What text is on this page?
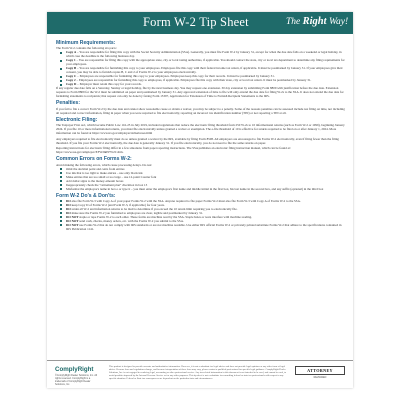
Form W-2 Tip Sheet	The Right Way!
Minimum Requirements:
The Form W-2 contains the following six parts:
Copy A – You are responsible for filing this copy with the Social Security Administration (SSA). Generally, you must file Form W-2 by January 31, except for when the due date falls on a weekend or legal holiday, in which case the deadline is the following business day.
Copy 1 – You are responsible for filing this copy with the appropriate state, city or local taxing authorities, if applicable. You should contact the state, city or local tax department to determine any filing requirements for your employees.
Copy B – You are responsible for furnishing this copy to your employees. Employees file this copy with their federal income tax return, if applicable. It must be postmarked by January 31. If your employees give their consent, you may be able to furnish copies B, C and 2 of Forms W-2 to your employees electronically.
Copy C – Employees are responsible for furnishing this copy to your employees. Employees keep this copy for their records. It must be postmarked by January 31.
Copy 2 – Employees are responsible for furnishing this copy to employees, if applicable. Employees file this copy with their state, city or local tax return. It must be postmarked by January 31.
Copy D – Employer must retain this copy for your records.
If any regular due date falls on a Saturday, Sunday or legal holiday, file by the next business day. You may request one extension. 30 day extension by submitting Form 8809 with justification before the due date. Extension requests to Form 8809 for the W-2 must be submitted on paper and postmarked by January 31. Any approved extension of time to file will only extend the due date for filing W-2s to the SSA. It does not extend the due date for furnishing statements to recipients; that request can only be done by faxing Form 15397, Application for Extension of Time to Furnish Recipient Statements to the IRS.
Penalties:
If you fail to file a correct Form W-2 by the due date and cannot show reasonable cause or obtain a waiver, you may be subject to a penalty. Some of the reasons penalties can be assessed include not filing on time, not including all required and correct information, filing in paper when you were required to file electronically, reporting an incorrect tax identification number (TIN) or not reporting a TIN at all.
Electronic Filing:
The Taxpayer First Act, which became Public Law 116-25 in July 2019, included regulations that reduce the electronic filing threshold from 250 W-2s to 10 informational returns (such as Form W-2 or 1099), beginning January 2024. If you file 10 or more informational returns, you must file electronically unless granted a waiver or exemption. The e-file threshold of 10 is effective for returns required to be filed on or after January 1, 2024. More information can be found at https://www.irs.gov/employer/strikeboxes.html
Any employers required to file electronically must do so unless granted a waiver by the IRS, available by filing Form 8508. All employers are encouraged to file Forms W-2 electronically, even if filing fewer than the filing threshold. If you file your Forms W-2 electronically, the due date is generally January 31. If you file electronically, you do not need to file the same returns on paper.
Reporting instructions for electronic filing differ in a few situations from paper reporting instructions. The SSA publishes an electronic filing instruction manual, which can be found at: https://www.ssa.gov/employer/EFW2&EFW2C.htm.
Common Errors on Forms W-2:
Avoid making the following errors, which cause processing delays. Do not:
Omit the decimal point and cents from entries
Use ink that is too light to make entries – use only black ink
Make entries that are too small or too large – use 12-point Courier font
Add dollar signs to the money-amount boxes
Inappropriately check the "retirement plan" checkbox in box 13
Misformat the employee's name in box e or type it – you must enter the employee's first name and middle initial in the first box, his last name in the second box, and any suffix (optional) in the third box
Form W-2 Do's & Don'ts:
DO also file Form W-3 with Copy A of your paper Forms W-2 with the SSA. Anyone required to file paper Forms W-2 must also file Form W-3 with Copy A of Forms W-2 to the SSA.
DO keep Copy D of Forms W-2 (and Form W-3, if applicable) for four years.
DO retain all W-2 and information returns to be mail to determine if you exceed the 10 return limit requiring you to electronically file.
DO make sure the Forms W-2 you furnished to employees are clear, legible and postmarked by January 31.
DO NOT staple or tape Forms W-2 to each other. These forms are machine read by the SSA. Staple holes or tears interfere with machine reading.
DO NOT send cash, checks, money orders, etc. with the Forms W-2 you submit to the SSA.
DO NOT use Forms W-2 that do not comply with IRS standards or are not machine readable. Use either IRS official Forms W-2 or privately printed substitute Forms W-2 that adhere to the specifications contained in IRS Publication 1141.
ComplyRight
©ComplyRight Dealer Solutions, Inc. All rights reserved. ComplyRight is a trademark of ComplyRight Dealer Solutions, Inc.
This product is designed to provide accurate and authoritative information. However, it is not a substitute for legal advice and does not provide legal opinions or any other form of legal advice. Because laws and regulations change, and because interpretation of these laws may vary, please contact a qualified professional for specific legal guidance. ComplyRight Dealer Solutions, Inc. is not engaged in rendering legal, accounting or other professional service. Any tax-related information in this document is not intended to be used, and cannot be used, to avoid penalties imposed by the Internal Revenue Service or for any other purposes. This tip sheet is not a substitute for consulting federal or state tax professionals with respect to any specific situation. Federal or State tax consequences are dependent on the particular facts and circumstances.
ATTORNEY
REVIEWED
